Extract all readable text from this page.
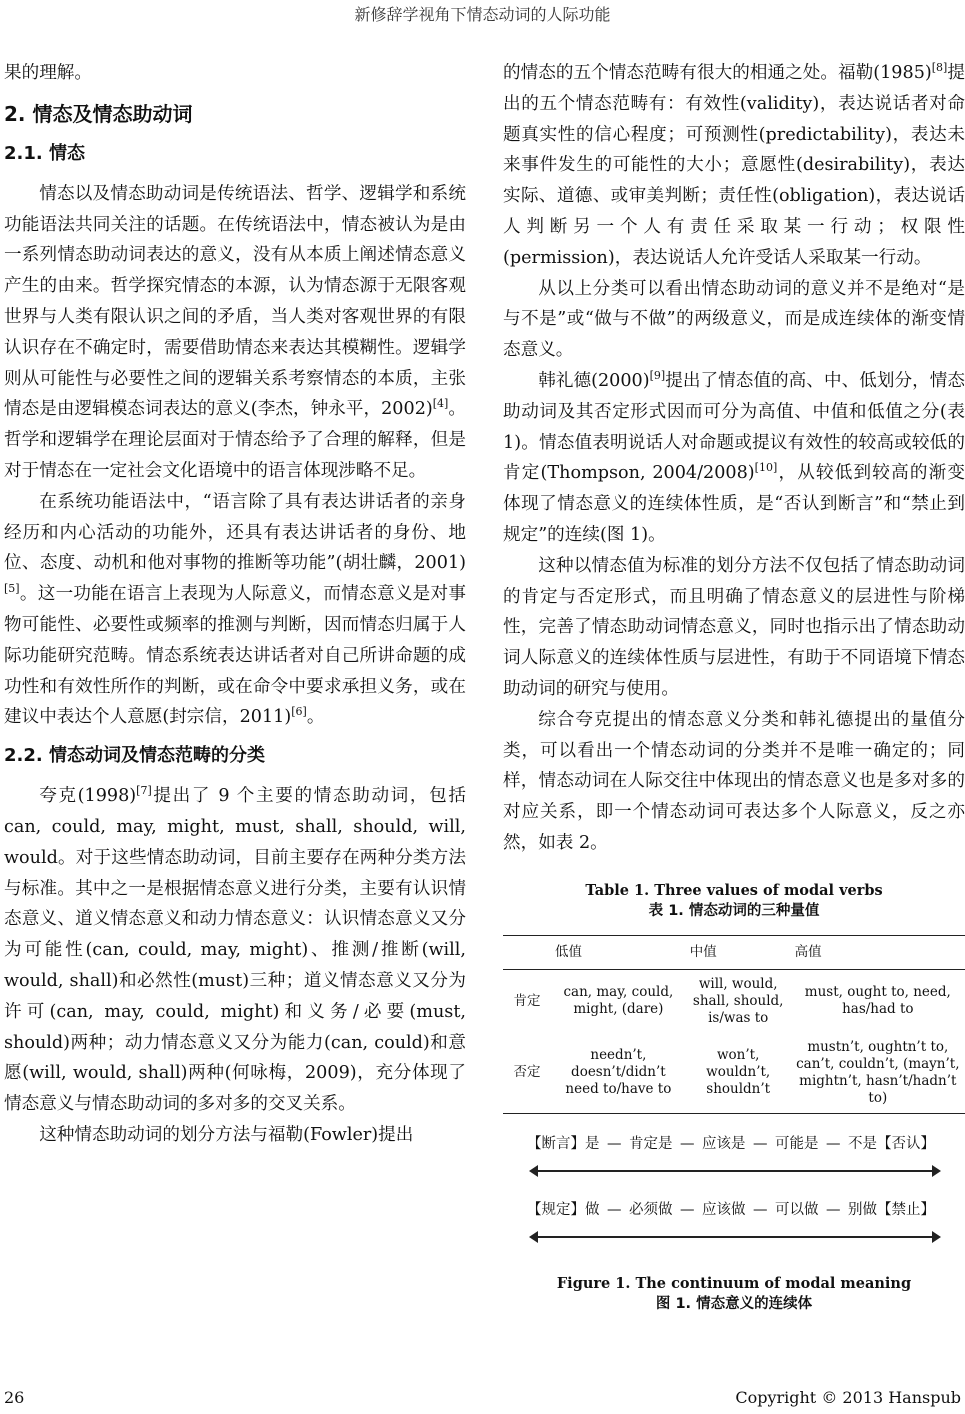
新修辞学视角下情态动词的人际功能

果的理解。

2. 情态及情态助动词
2.1. 情态

情态以及情态助动词是传统语法、哲学、逻辑学和系统功能语法共同关注的话题。在传统语法中，情态被认为是由一系列情态助动词表达的意义，没有从本质上阐述情态意义产生的由来。哲学探究情态的本源，认为情态源于无限客观世界与人类有限认识之间的矛盾，当人类对客观世界的有限认识存在不确定时，需要借助情态来表达其模糊性。逻辑学则从可能性与必要性之间的逻辑关系考察情态的本质，主张情态是由逻辑模态词表达的意义(李杰，钟永平，2002)[4]。哲学和逻辑学在理论层面对于情态给予了合理的解释，但是对于情态在一定社会文化语境中的语言体现涉略不足。

在系统功能语法中，“语言除了具有表达讲话者的亲身经历和内心活动的功能外，还具有表达讲话者的身份、地位、态度、动机和他对事物的推断等功能”(胡壮麟，2001)[5]。这一功能在语言上表现为人际意义，而情态意义是对事物可能性、必要性或频率的推测与判断，因而情态归属于人际功能研究范畴。情态系统表达讲话者对自己所讲命题的成功性和有效性所作的判断，或在命令中要求承担义务，或在建议中表达个人意愿(封宗信，2011)[6]。

2.2. 情态动词及情态范畴的分类

夸克(1998)[7]提出了 9 个主要的情态助动词，包括 can, could, may, might, must, shall, should, will, would。对于这些情态助动词，目前主要存在两种分类方法与标准。其中之一是根据情态意义进行分类，主要有认识情态意义、道义情态意义和动力情态意义：认识情态意义又分为可能性(can, could, may, might)、推测/推断(will, would, shall)和必然性(must)三种；道义情态意义又分为许可(can, may, could, might)和义务/必要(must, should)两种；动力情态意义又分为能力(can, could)和意愿(will, would, shall)两种(何咏梅，2009)，充分体现了情态意义与情态助动词的多对多的交叉关系。

这种情态助动词的划分方法与福勒(Fowler)提出

的情态的五个情态范畴有很大的相通之处。福勒(1985)[8]提出的五个情态范畴有：有效性(validity)，表达说话者对命题真实性的信心程度；可预测性(predictability)，表达未来事件发生的可能性的大小；意愿性(desirability)，表达实际、道德、或审美判断；责任性(obligation)，表达说话人判断另一个人有责任采取某一行动；权限性(permission)，表达说话人允许受话人采取某一行动。

从以上分类可以看出情态助动词的意义并不是绝对“是与不是”或“做与不做”的两级意义，而是成连续体的渐变情态意义。

韩礼德(2000)[9]提出了情态值的高、中、低划分，情态助动词及其否定形式因而可分为高值、中值和低值之分(表 1)。情态值表明说话人对命题或提议有效性的较高或较低的肯定(Thompson, 2004/2008)[10]，从较低到较高的渐变体现了情态意义的连续体性质，是“否认到断言”和“禁止到规定”的连续(图 1)。

这种以情态值为标准的划分方法不仅包括了情态助动词的肯定与否定形式，而且明确了情态意义的层进性与阶梯性，完善了情态助动词情态意义，同时也指示出了情态助动词人际意义的连续体性质与层进性，有助于不同语境下情态助动词的研究与使用。

综合夸克提出的情态意义分类和韩礼德提出的量值分类，可以看出一个情态动词的分类并不是唯一确定的；同样，情态动词在人际交往中体现出的情态意义也是多对多的对应关系，即一个情态动词可表达多个人际意义，反之亦然，如表 2。

Table 1. Three values of modal verbs

表 1. 情态动词的三种量值

	低值	中值	高值
肯定	can, may, could, might, (dare)	will, would, shall, should, is/was to	must, ought to, need, has/had to
否定	needn’t, doesn’t/didn’t need to/have to	won’t, wouldn’t, shouldn’t	mustn’t, oughtn’t to, can’t, couldn’t, (mayn’t, mightn’t, hasn’t/hadn’t to)
【断言】是 — 肯定是 — 应该是 — 可能是 — 不是【否认】
【规定】做 — 必须做 — 应该做 — 可以做 — 别做【禁止】

Figure 1. The continuum of modal meaning

图 1. 情态意义的连续体

26	Copyright © 2013 Hanspub
